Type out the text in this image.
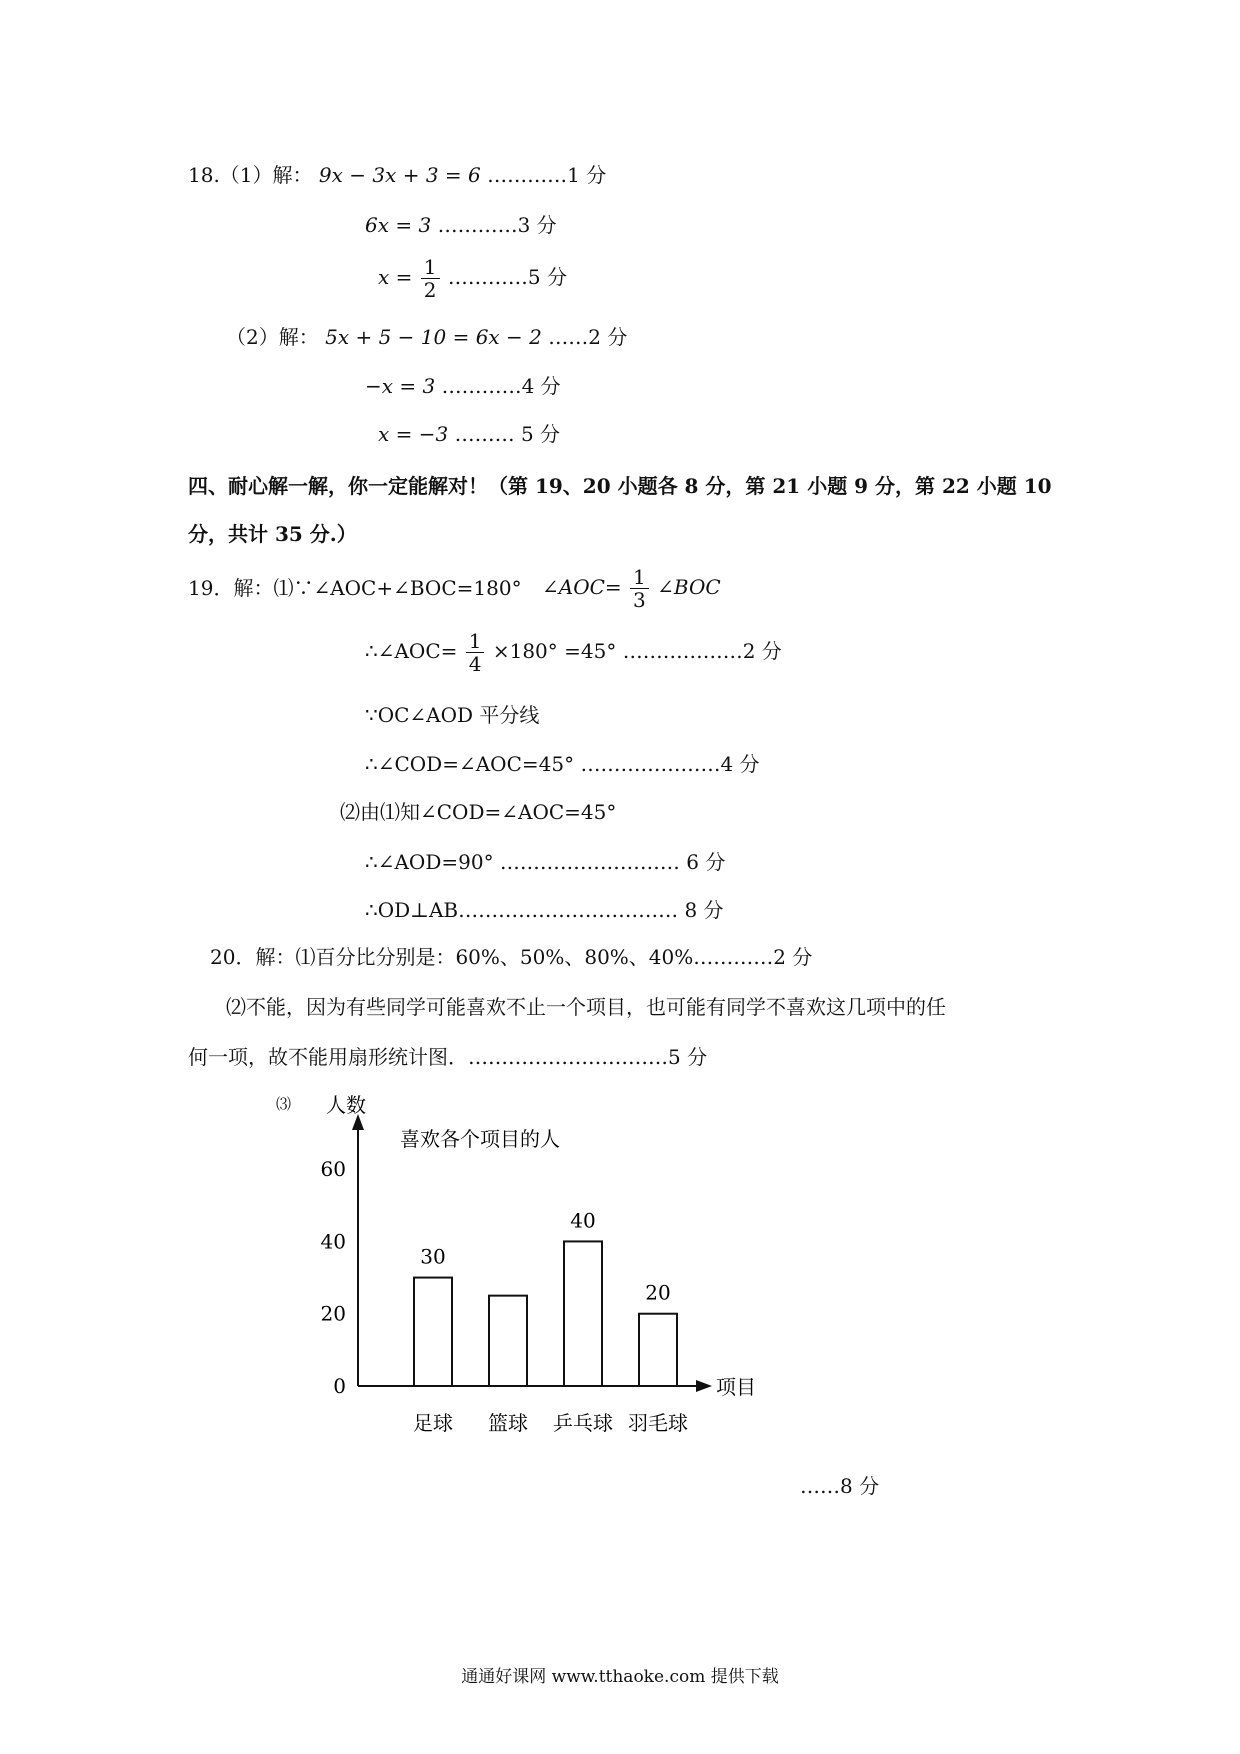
18.（1）解： 9x − 3x + 3 = 6 …………1 分
6x = 3 …………3 分
$x = \frac{1}{2}$ …………5 分
（2）解： 5x + 5 − 10 = 6x − 2 ……2 分
−x = 3 …………4 分
x = −3 ……… 5 分
四、耐心解一解，你一定能解对！（第 19、20 小题各 8 分，第 21 小题 9 分，第 22 小题 10
分，共计 35 分.）
19．解：⑴∵∠AOC+∠BOC=180° ∠AOC= $\frac{1}{3}$ ∠BOC
∴∠AOC= $\frac{1}{4} \times 180^\circ =45^\circ$ ………………2 分
∵OC∠AOD 平分线
∴∠COD=∠AOC=45° …………………4 分
⑵由⑴知∠COD=∠AOC=45°
∴∠AOD=90° ……………………… 6 分
∴OD⊥AB…………………………… 8 分
20．解：⑴百分比分别是：60%、50%、80%、40%…………2 分
⑵不能，因为有些同学可能喜欢不止一个项目，也可能有同学不喜欢这几项中的任
何一项，故不能用扇形统计图．…………………………5 分
⑶ 人数
项目
喜欢各个项目的人
0
20
40
60
30
足球 篮球
40
乒乓球
20
羽毛球
……8 分
通通好课网 www.tthaoke.com 提供下载
